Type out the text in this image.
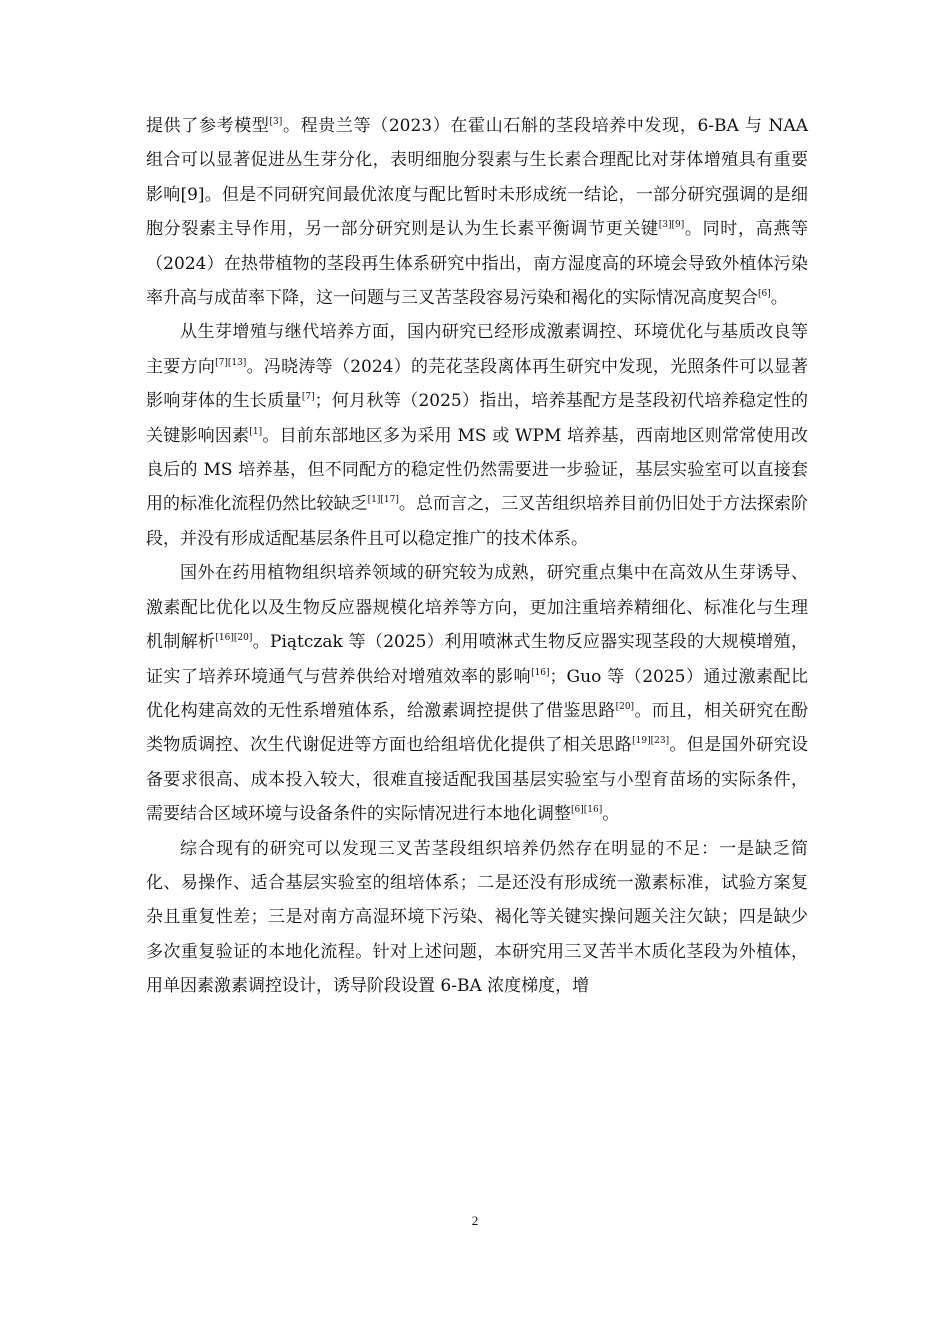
提供了参考模型[3]。程贵兰等（2023）在霍山石斛的茎段培养中发现，6-BA 与 NAA 组合可以显著促进丛生芽分化，表明细胞分裂素与生长素合理配比对芽体增殖具有重要影响[9]。但是不同研究间最优浓度与配比暂时未形成统一结论，一部分研究强调的是细胞分裂素主导作用，另一部分研究则是认为生长素平衡调节更关键[3][9]。同时，高燕等（2024）在热带植物的茎段再生体系研究中指出，南方湿度高的环境会导致外植体污染率升高与成苗率下降，这一问题与三叉苦茎段容易污染和褐化的实际情况高度契合[6]。

从生芽增殖与继代培养方面，国内研究已经形成激素调控、环境优化与基质改良等主要方向[7][13]。冯晓涛等（2024）的芫花茎段离体再生研究中发现，光照条件可以显著影响芽体的生长质量[7]；何月秋等（2025）指出，培养基配方是茎段初代培养稳定性的关键影响因素[1]。目前东部地区多为采用 MS 或 WPM 培养基，西南地区则常常使用改良后的 MS 培养基，但不同配方的稳定性仍然需要进一步验证，基层实验室可以直接套用的标准化流程仍然比较缺乏[1][17]。总而言之，三叉苦组织培养目前仍旧处于方法探索阶段，并没有形成适配基层条件且可以稳定推广的技术体系。

国外在药用植物组织培养领域的研究较为成熟，研究重点集中在高效从生芽诱导、激素配比优化以及生物反应器规模化培养等方向，更加注重培养精细化、标准化与生理机制解析[16][20]。Piątczak 等（2025）利用喷淋式生物反应器实现茎段的大规模增殖，证实了培养环境通气与营养供给对增殖效率的影响[16]；Guo 等（2025）通过激素配比优化构建高效的无性系增殖体系，给激素调控提供了借鉴思路[20]。而且，相关研究在酚类物质调控、次生代谢促进等方面也给组培优化提供了相关思路[19][23]。但是国外研究设备要求很高、成本投入较大，很难直接适配我国基层实验室与小型育苗场的实际条件，需要结合区域环境与设备条件的实际情况进行本地化调整[6][16]。

综合现有的研究可以发现三叉苦茎段组织培养仍然存在明显的不足：一是缺乏简化、易操作、适合基层实验室的组培体系；二是还没有形成统一激素标准，试验方案复杂且重复性差；三是对南方高湿环境下污染、褐化等关键实操问题关注欠缺；四是缺少多次重复验证的本地化流程。针对上述问题，本研究用三叉苦半木质化茎段为外植体，用单因素激素调控设计，诱导阶段设置 6-BA 浓度梯度，增

2
